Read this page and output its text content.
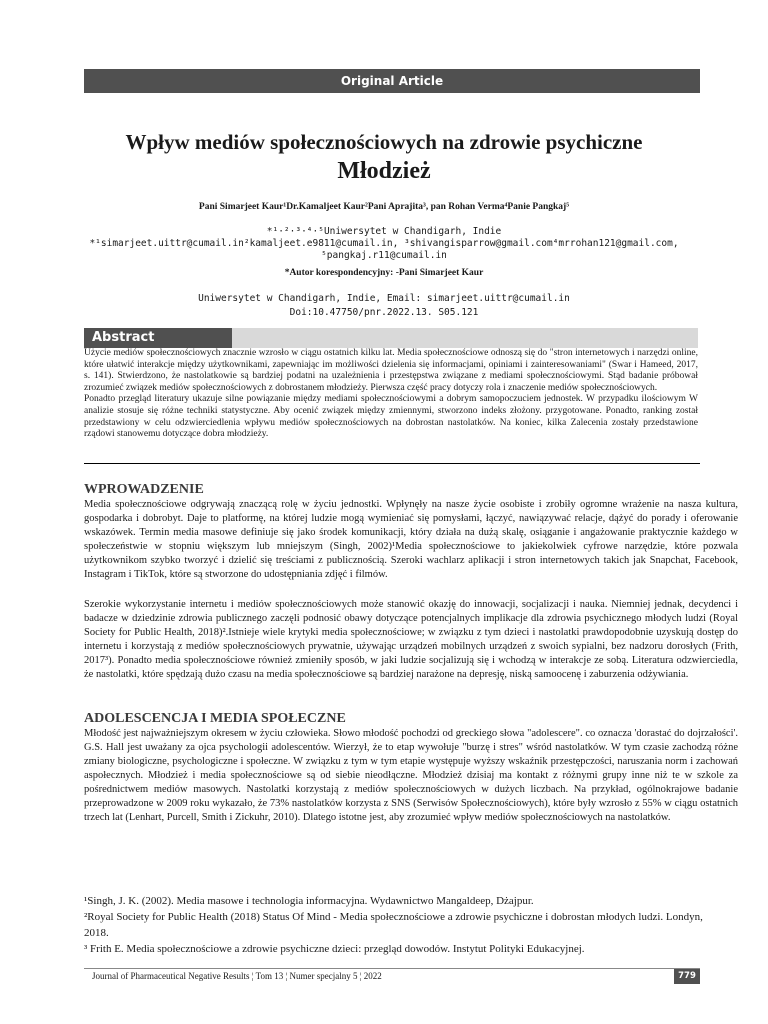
Original Article
Wpływ mediów społecznościowych na zdrowie psychiczne
Młodzież
Pani Simarjeet Kaur¹Dr.Kamaljeet Kaur²Pani Aprajita³, pan Rohan Verma⁴Panie Pangkaj⁵
*¹·²·³·⁴·⁵Uniwersytet w Chandigarh, Indie
*¹simarjeet.uittr@cumail.in²kamaljeet.e9811@cumail.in, ³shivangisparrow@gmail.com⁴mrrohan121@gmail.com,
⁵pangkaj.r11@cumail.in
*Autor korespondencyjny: -Pani Simarjeet Kaur
Uniwersytet w Chandigarh, Indie, Email: simarjeet.uittr@cumail.in
Doi:10.47750/pnr.2022.13. S05.121
Abstract

Użycie mediów społecznościowych znacznie wzrosło w ciągu ostatnich kilku lat. Media społecznościowe odnoszą się do "stron internetowych i narzędzi online, które ułatwić interakcje między użytkownikami, zapewniając im możliwości dzielenia się informacjami, opiniami i zainteresowaniami" (Swar i Hameed, 2017, s. 141). Stwierdzono, że nastolatkowie są bardziej podatni na uzależnienia i przestępstwa związane z mediami społecznościowymi. Stąd badanie próbował zrozumieć związek mediów społecznościowych z dobrostanem młodzieży. Pierwsza część pracy dotyczy rola i znaczenie mediów społecznościowych.

Ponadto przegląd literatury ukazuje silne powiązanie między mediami społecznościowymi a dobrym samopoczuciem jednostek. W przypadku ilościowym W analizie stosuje się różne techniki statystyczne. Aby ocenić związek między zmiennymi, stworzono indeks złożony. przygotowane. Ponadto, ranking został przedstawiony w celu odzwierciedlenia wpływu mediów społecznościowych na dobrostan nastolatków. Na koniec, kilka Zalecenia zostały przedstawione rządowi stanowemu dotyczące dobra młodzieży.

WPROWADZENIE

Media społecznościowe odgrywają znaczącą rolę w życiu jednostki. Wpłynęły na nasze życie osobiste i zrobiły ogromne wrażenie na nasza kultura, gospodarka i dobrobyt. Daje to platformę, na której ludzie mogą wymieniać się pomysłami, łączyć, nawiązywać relacje, dążyć do porady i oferowanie wskazówek. Termin media masowe definiuje się jako środek komunikacji, który działa na dużą skalę, osiąganie i angażowanie praktycznie każdego w społeczeństwie w stopniu większym lub mniejszym (Singh, 2002)¹Media społecznościowe to jakiekolwiek cyfrowe narzędzie, które pozwala użytkownikom szybko tworzyć i dzielić się treściami z publicznością. Szeroki wachlarz aplikacji i stron internetowych takich jak Snapchat, Facebook, Instagram i TikTok, które są stworzone do udostępniania zdjęć i filmów.

Szerokie wykorzystanie internetu i mediów społecznościowych może stanowić okazję do innowacji, socjalizacji i nauka. Niemniej jednak, decydenci i badacze w dziedzinie zdrowia publicznego zaczęli podnosić obawy dotyczące potencjalnych implikacje dla zdrowia psychicznego młodych ludzi (Royal Society for Public Health, 2018)².Istnieje wiele krytyki media społecznościowe; w związku z tym dzieci i nastolatki prawdopodobnie uzyskują dostęp do internetu i korzystają z mediów społecznościowych prywatnie, używając urządzeń mobilnych urządzeń z swoich sypialni, bez nadzoru dorosłych (Frith, 2017³). Ponadto media społecznościowe również zmieniły sposób, w jaki ludzie socjalizują się i wchodzą w interakcje ze sobą. Literatura odzwierciedla, że nastolatki, które spędzają dużo czasu na media społecznościowe są bardziej narażone na depresję, niską samoocenę i zaburzenia odżywiania.

ADOLESCENCJA I MEDIA SPOŁECZNE

Młodość jest najważniejszym okresem w życiu człowieka. Słowo młodość pochodzi od greckiego słowa "adolescere". co oznacza 'dorastać do dojrzałości'. G.S. Hall jest uważany za ojca psychologii adolescentów. Wierzył, że to etap wywołuje "burzę i stres" wśród nastolatków. W tym czasie zachodzą różne zmiany biologiczne, psychologiczne i społeczne. W związku z tym w tym etapie występuje wyższy wskaźnik przestępczości, naruszania norm i zachowań aspołecznych. Młodzież i media społecznościowe są od siebie nieodłączne. Młodzież dzisiaj ma kontakt z różnymi grupy inne niż te w szkole za pośrednictwem mediów masowych. Nastolatki korzystają z mediów społecznościowych w dużych liczbach. Na przykład, ogólnokrajowe badanie przeprowadzone w 2009 roku wykazało, że 73% nastolatków korzysta z SNS (Serwisów Społecznościowych), które były wzrosło z 55% w ciągu ostatnich trzech lat (Lenhart, Purcell, Smith i Zickuhr, 2010). Dlatego istotne jest, aby zrozumieć wpływ mediów społecznościowych na nastolatków.

¹Singh, J. K. (2002). Media masowe i technologia informacyjna. Wydawnictwo Mangaldeep, Dżajpur.

²Royal Society for Public Health (2018) Status Of Mind - Media społecznościowe a zdrowie psychiczne i dobrostan młodych ludzi. Londyn, 2018.

³ Frith E. Media społecznościowe a zdrowie psychiczne dzieci: przegląd dowodów. Instytut Polityki Edukacyjnej.

Journal of Pharmaceutical Negative Results ¦ Tom 13 ¦ Numer specjalny 5 ¦ 2022	779
